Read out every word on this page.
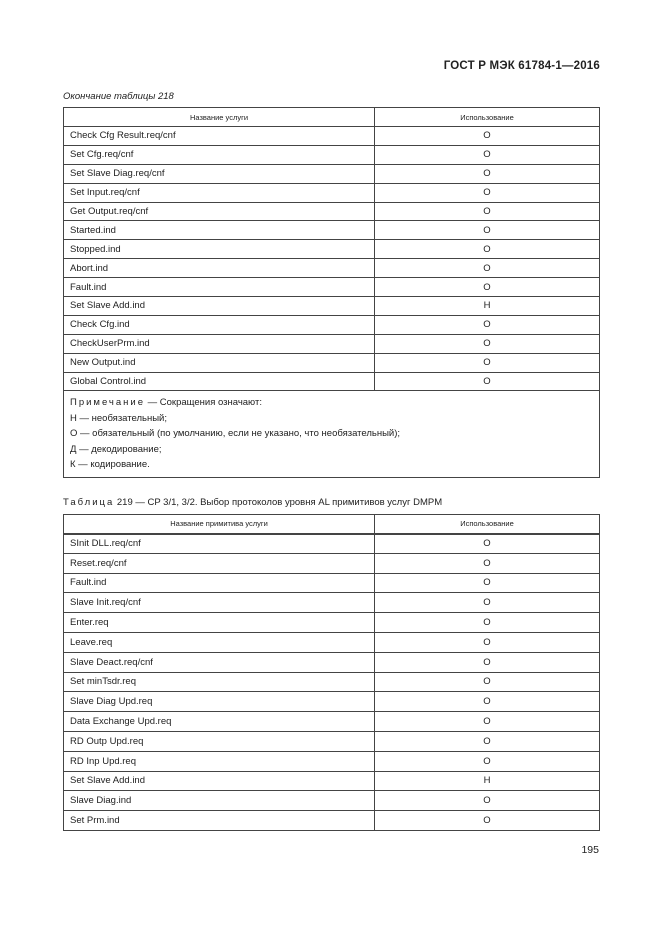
ГОСТ Р МЭК 61784-1—2016
Окончание таблицы 218
Название услуги	Использование
Check Cfg Result.req/cnf	O
Set Cfg.req/cnf	O
Set Slave Diag.req/cnf	O
Set Input.req/cnf	O
Get Output.req/cnf	O
Started.ind	O
Stopped.ind	O
Abort.ind	O
Fault.ind	O
Set Slave Add.ind	H
Check Cfg.ind	O
CheckUserPrm.ind	O
New Output.ind	O
Global Control.ind	O

Примечание — Сокращения означают:
Н — необязательный;
О — обязательный (по умолчанию, если не указано, что необязательный);
Д — декодирование;
К — кодирование.	
Таблица 219 — CP 3/1, 3/2. Выбор протоколов уровня AL примитивов услуг DMPM
Название примитива услуги	Использование
SInit DLL.req/cnf	O
Reset.req/cnf	O
Fault.ind	O
Slave Init.req/cnf	O
Enter.req	O
Leave.req	O
Slave Deact.req/cnf	O
Set minTsdr.req	O
Slave Diag Upd.req	O
Data Exchange Upd.req	O
RD Outp Upd.req	O
RD Inp Upd.req	O
Set Slave Add.ind	H
Slave Diag.ind	O
Set Prm.ind	O
195
